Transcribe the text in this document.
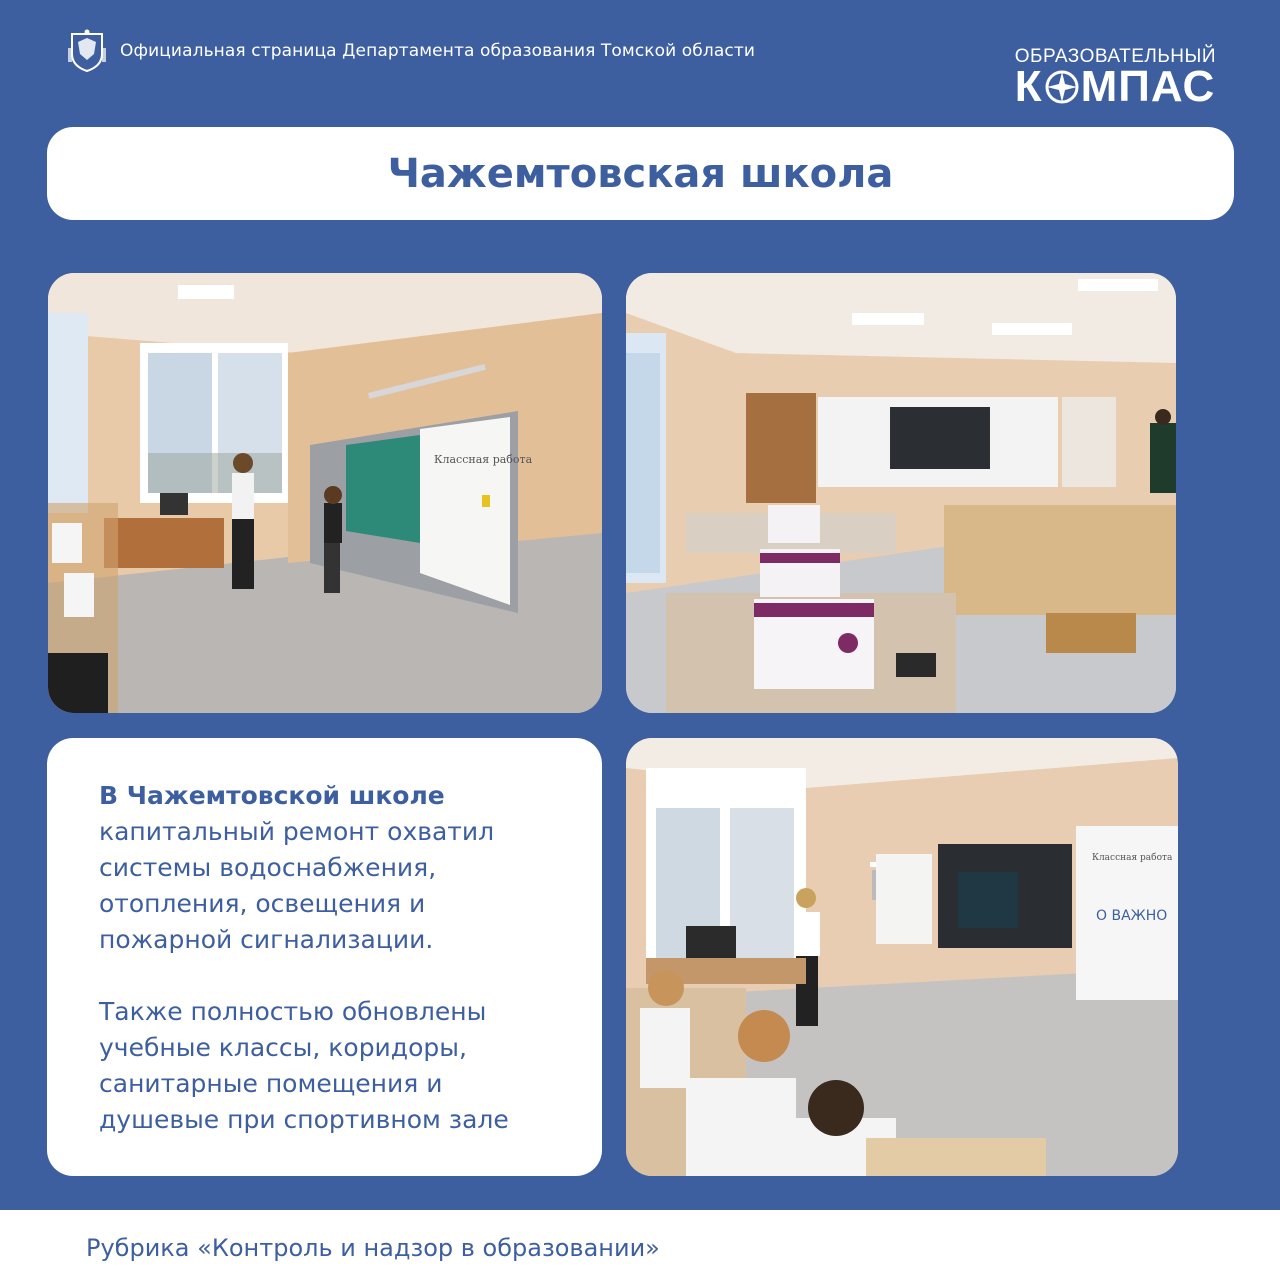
Официальная страница Департамента образования Томской области	ОБРАЗОВАТЕЛЬНЫЙ
К МПАС
Чажемтовская школа
Классная работа

В Чажемтовской школе

капитальный ремонт охватил системы водоснабжения, отопления, освещения и пожарной сигнализации.

Также полностью обновлены учебные классы, коридоры, санитарные помещения и душевые при спортивном зале

Классная работа
О ВАЖНО
Рубрика «Контроль и надзор в образовании»
